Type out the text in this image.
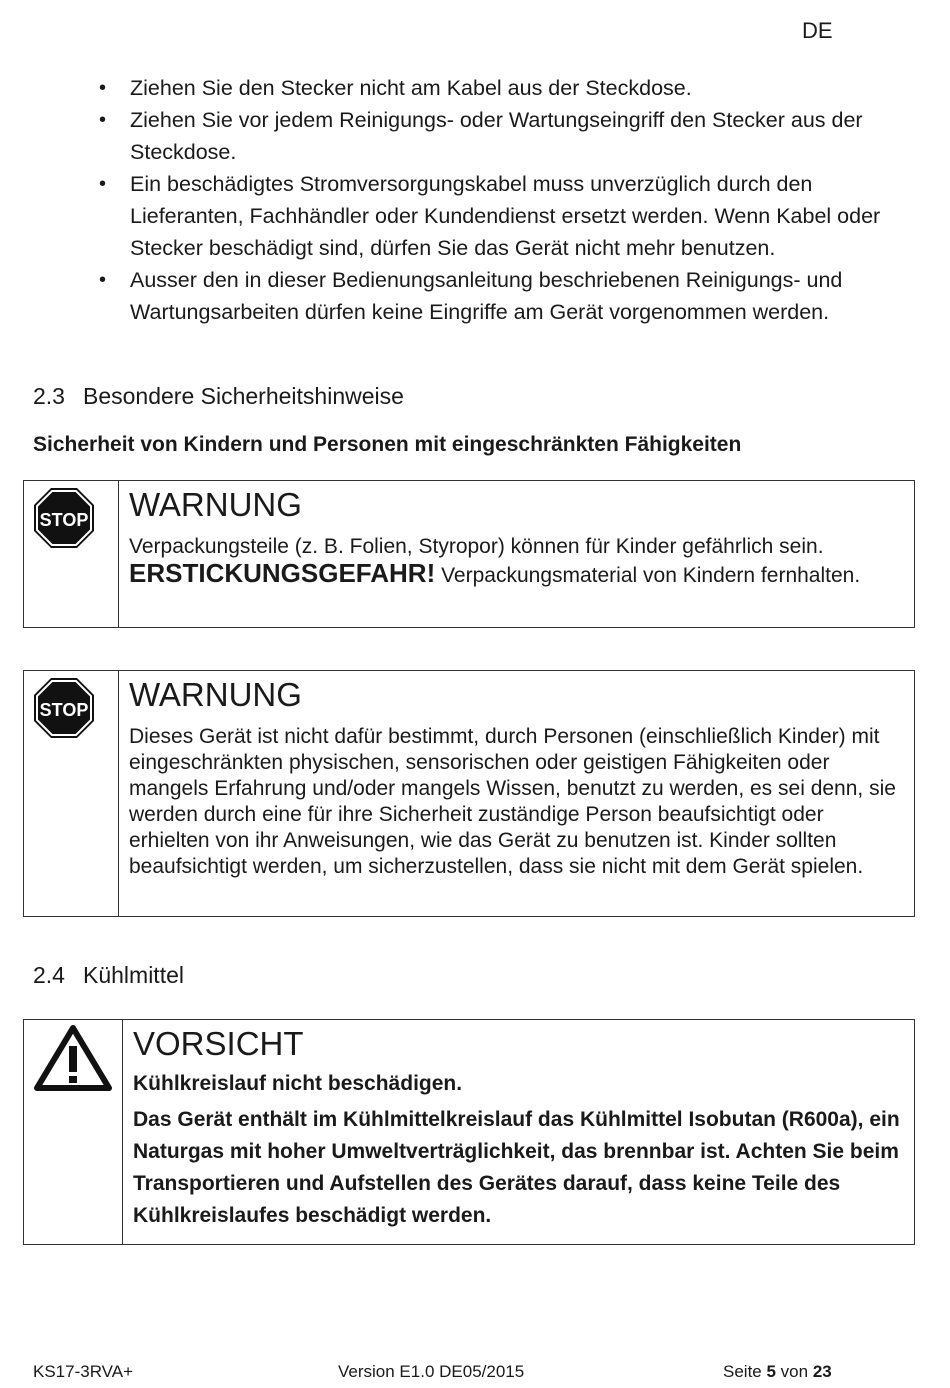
DE
• Ziehen Sie den Stecker nicht am Kabel aus der Steckdose.
• Ziehen Sie vor jedem Reinigungs- oder Wartungseingriff den Stecker aus der Steckdose.
• Ein beschädigtes Stromversorgungskabel muss unverzüglich durch den Lieferanten, Fachhändler oder Kundendienst ersetzt werden. Wenn Kabel oder Stecker beschädigt sind, dürfen Sie das Gerät nicht mehr benutzen.
• Ausser den in dieser Bedienungsanleitung beschriebenen Reinigungs- und Wartungsarbeiten dürfen keine Eingriffe am Gerät vorgenommen werden.
2.3 Besondere Sicherheitshinweise
Sicherheit von Kindern und Personen mit eingeschränkten Fähigkeiten
STOP WARNUNG
Verpackungsteile (z. B. Folien, Styropor) können für Kinder gefährlich sein.
ERSTICKUNGSGEFAHR! Verpackungsmaterial von Kindern fernhalten.
STOP WARNUNG
Dieses Gerät ist nicht dafür bestimmt, durch Personen (einschließlich Kinder) mit eingeschränkten physischen, sensorischen oder geistigen Fähigkeiten oder mangels Erfahrung und/oder mangels Wissen, benutzt zu werden, es sei denn, sie werden durch eine für ihre Sicherheit zuständige Person beaufsichtigt oder erhielten von ihr Anweisungen, wie das Gerät zu benutzen ist. Kinder sollten beaufsichtigt werden, um sicherzustellen, dass sie nicht mit dem Gerät spielen.
2.4 Kühlmittel
VORSICHT
Kühlkreislauf nicht beschädigen.
Das Gerät enthält im Kühlmittelkreislauf das Kühlmittel Isobutan (R600a), ein Naturgas mit hoher Umweltverträglichkeit, das brennbar ist. Achten Sie beim Transportieren und Aufstellen des Gerätes darauf, dass keine Teile des Kühlkreislaufes beschädigt werden.
KS17-3RVA+	Version E1.0 DE05/2015	Seite 5 von 23
